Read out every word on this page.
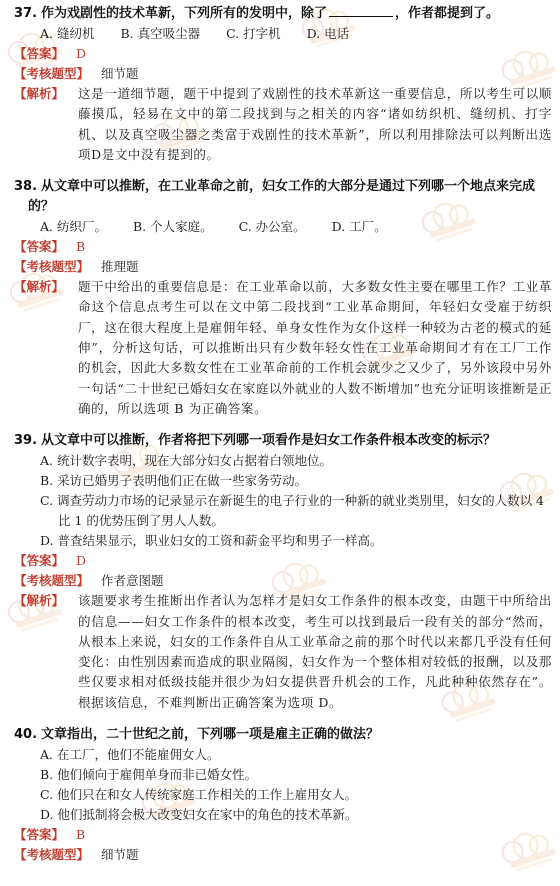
37. 作为戏剧性的技术革新，下列所有的发明中，除了	，作者都提到了。
A. 缝纫机 B. 真空吸尘器 C. 打字机 D. 电话
【答案】 D
【考核题型】 细节题
【解析】 这是一道细节题，题干中提到了戏剧性的技术革新这一重要信息，所以考生可以顺藤摸瓜，轻易在文中的第二段找到与之相关的内容“诸如纺织机、缝纫机、打字机、以及真空吸尘器之类富于戏剧性的技术革新”，所以利用排除法可以判断出选项D是文中没有提到的。
38. 从文章中可以推断，在工业革命之前，妇女工作的大部分是通过下列哪一个地点来完成的？
A. 纺织厂。 B. 个人家庭。 C. 办公室。 D. 工厂。
【答案】 B
【考核题型】 推理题
【解析】 题干中给出的重要信息是：在工业革命以前，大多数女性主要在哪里工作？工业革命这个信息点考生可以在文中第二段找到“工业革命期间，年轻妇女受雇于纺织厂，这在很大程度上是雇佣年轻、单身女性作为女仆这样一种较为古老的模式的延伸”，分析这句话，可以推断出只有少数年轻女性在工业革命期间才有在工厂工作的机会，因此大多数女性在工业革命前的工作机会就少之又少了，另外该段中另外一句话“二十世纪已婚妇女在家庭以外就业的人数不断增加”也充分证明该推断是正确的，所以选项 B 为正确答案。
39. 从文章中可以推断，作者将把下列哪一项看作是妇女工作条件根本改变的标示？
A. 统计数字表明，现在大部分妇女占据着白领地位。
B. 采访已婚男子表明他们正在做一些家务劳动。
C. 调查劳动力市场的记录显示在新诞生的电子行业的一种新的就业类别里，妇女的人数以 4 比 1 的优势压倒了男人人数。
D. 普查结果显示，职业妇女的工资和薪金平均和男子一样高。
【答案】 D
【考核题型】 作者意图题
【解析】 该题要求考生推断出作者认为怎样才是妇女工作条件的根本改变，由题干中所给出的信息——妇女工作条件的根本改变，考生可以找到最后一段有关的部分“然而，从根本上来说，妇女的工作条件自从工业革命之前的那个时代以来都几乎没有任何变化：由性别因素而造成的职业隔阂，妇女作为一个整体相对较低的报酬，以及那些仅要求相对低级技能并很少为妇女提供晋升机会的工作，凡此种种依然存在”。根据该信息，不难判断出正确答案为选项 D。
40. 文章指出，二十世纪之前，下列哪一项是雇主正确的做法？
A. 在工厂，他们不能雇佣女人。
B. 他们倾向于雇佣单身而非已婚女性。
C. 他们只在和女人传统家庭工作相关的工作上雇用女人。
D. 他们抵制将会极大改变妇女在家中的角色的技术革新。
【答案】 B
【考核题型】 细节题
